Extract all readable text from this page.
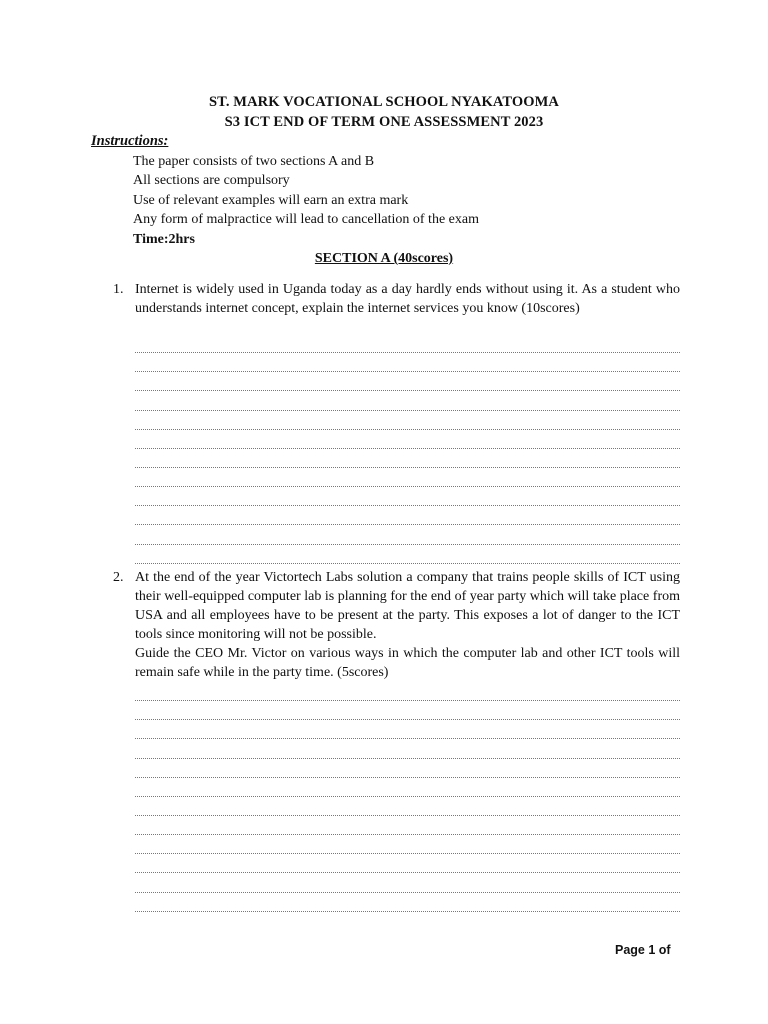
ST. MARK VOCATIONAL SCHOOL NYAKATOOMA
S3 ICT END OF TERM ONE ASSESSMENT 2023
Instructions:
The paper consists of two sections A and B
All sections are compulsory
Use of relevant examples will earn an extra mark
Any form of malpractice will lead to cancellation of the exam
Time:2hrs
SECTION A (40scores)
1. Internet is widely used in Uganda today as a day hardly ends without using it. As a student who understands internet concept, explain the internet services you know (10scores)

2. At the end of the year Victortech Labs solution a company that trains people skills of ICT using their well-equipped computer lab is planning for the end of year party which will take place from USA and all employees have to be present at the party. This exposes a lot of danger to the ICT tools since monitoring will not be possible.

Guide the CEO Mr. Victor on various ways in which the computer lab and other ICT tools will remain safe while in the party time. (5scores)

Page 1 of
